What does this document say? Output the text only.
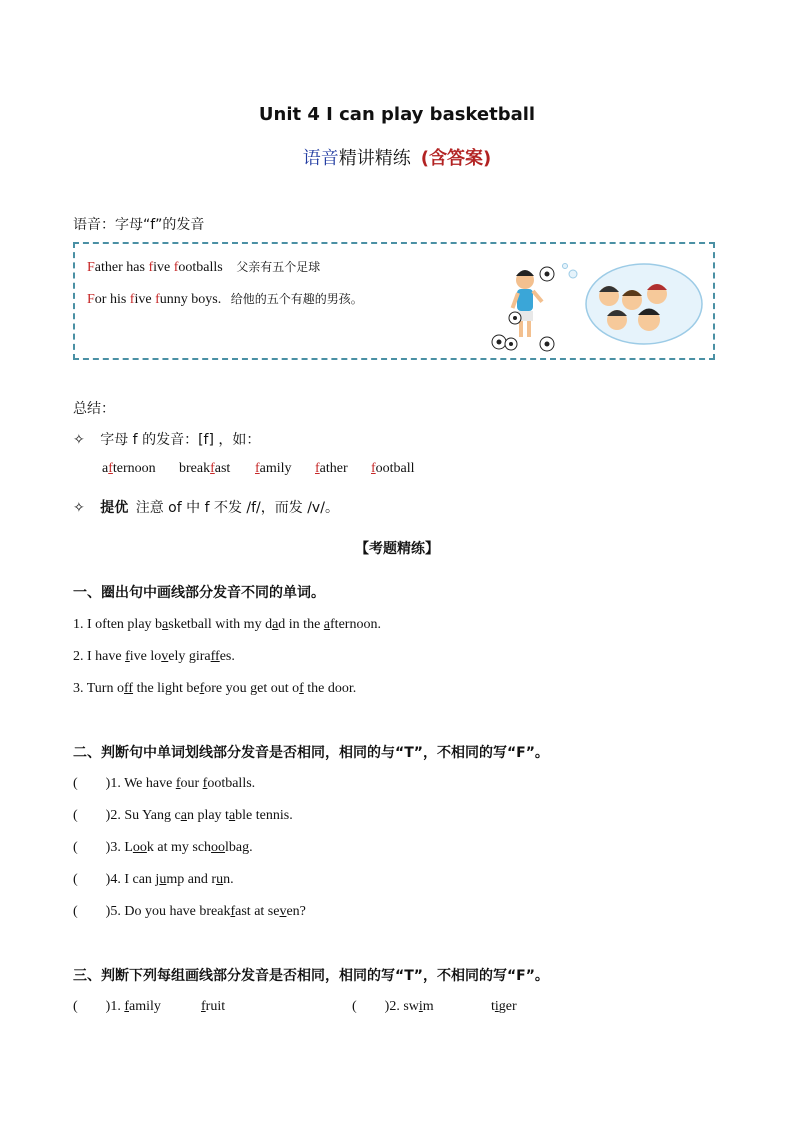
Unit 4 I can play basketball
语音精讲精练 (含答案)
语音：字母“f”的发音
Father has five footballs 父亲有五个足球
For his five funny boys. 给他的五个有趣的男孩。
总结：
✧ 字母 f 的发音：[f] ，如：
afternoon breakfast family father football
✧ 提优 注意 of 中 f 不发 /f/，而发 /v/。
【考题精练】
一、圈出句中画线部分发音不同的单词。
1. I often play basketball with my dad in the afternoon.
2. I have five lovely giraffes.
3. Turn off the light before you get out of the door.
二、判断句中单词划线部分发音是否相同，相同的与“T”，不相同的写“F”。
(        )1. We have four footballs.
(        )2. Su Yang can play table tennis.
(        )3. Look at my schoolbag.
(        )4. I can jump and run.
(        )5. Do you have breakfast at seven?
三、判断下列每组画线部分发音是否相同，相同的写“T”，不相同的写“F”。
(        )1. family	fruit	(        )2. swim	tiger
